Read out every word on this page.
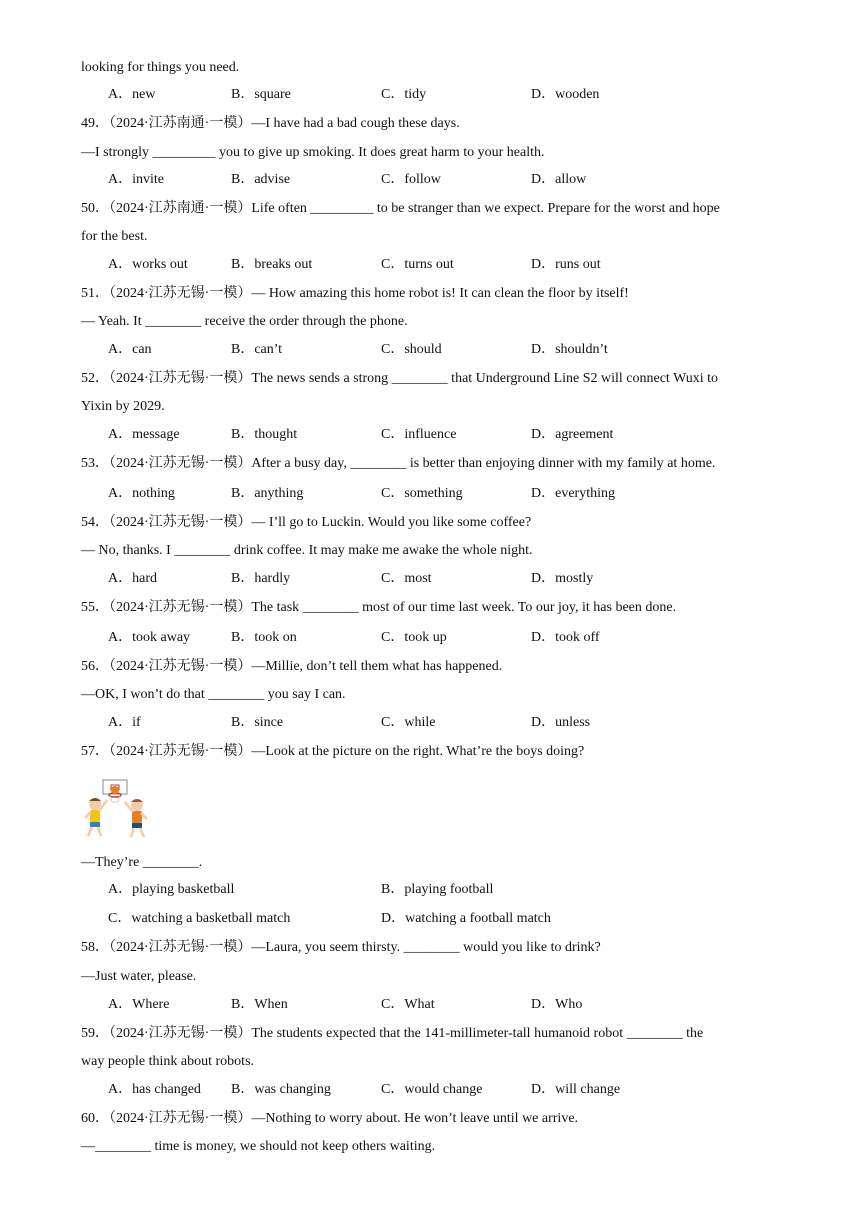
looking for things you need.
A．new	B．square	C．tidy	D．wooden
49．（2024·江苏南通·一模）—I have had a bad cough these days.
—I strongly _________ you to give up smoking. It does great harm to your health.
A．invite	B．advise	C．follow	D．allow
50．（2024·江苏南通·一模）Life often _________ to be stranger than we expect. Prepare for the worst and hope
for the best.
A．works out	B．breaks out	C．turns out	D．runs out
51．（2024·江苏无锡·一模）— How amazing this home robot is! It can clean the floor by itself!
— Yeah. It ________ receive the order through the phone.
A．can	B．can’t	C．should	D．shouldn’t
52．（2024·江苏无锡·一模）The news sends a strong ________ that Underground Line S2 will connect Wuxi to
Yixin by 2029.
A．message	B．thought	C．influence	D．agreement
53．（2024·江苏无锡·一模）After a busy day, ________ is better than enjoying dinner with my family at home.
A．nothing	B．anything	C．something	D．everything
54．（2024·江苏无锡·一模）— I’ll go to Luckin. Would you like some coffee?
— No, thanks. I ________ drink coffee. It may make me awake the whole night.
A．hard	B．hardly	C．most	D．mostly
55．（2024·江苏无锡·一模）The task ________ most of our time last week. To our joy, it has been done.
A．took away	B．took on	C．took up	D．took off
56．（2024·江苏无锡·一模）—Millie, don’t tell them what has happened.
—OK, I won’t do that ________ you say I can.
A．if	B．since	C．while	D．unless
57．（2024·江苏无锡·一模）—Look at the picture on the right. What’re the boys doing?
—They’re ________.
A．playing basketball	B．playing football
C．watching a basketball match	D．watching a football match
58．（2024·江苏无锡·一模）—Laura, you seem thirsty. ________ would you like to drink?
—Just water, please.
A．Where	B．When	C．What	D．Who
59．（2024·江苏无锡·一模）The students expected that the 141-millimeter-tall humanoid robot ________ the
way people think about robots.
A．has changed B．was changing	C．would change	D．will change
60．（2024·江苏无锡·一模）—Nothing to worry about. He won’t leave until we arrive.
—________ time is money, we should not keep others waiting.
